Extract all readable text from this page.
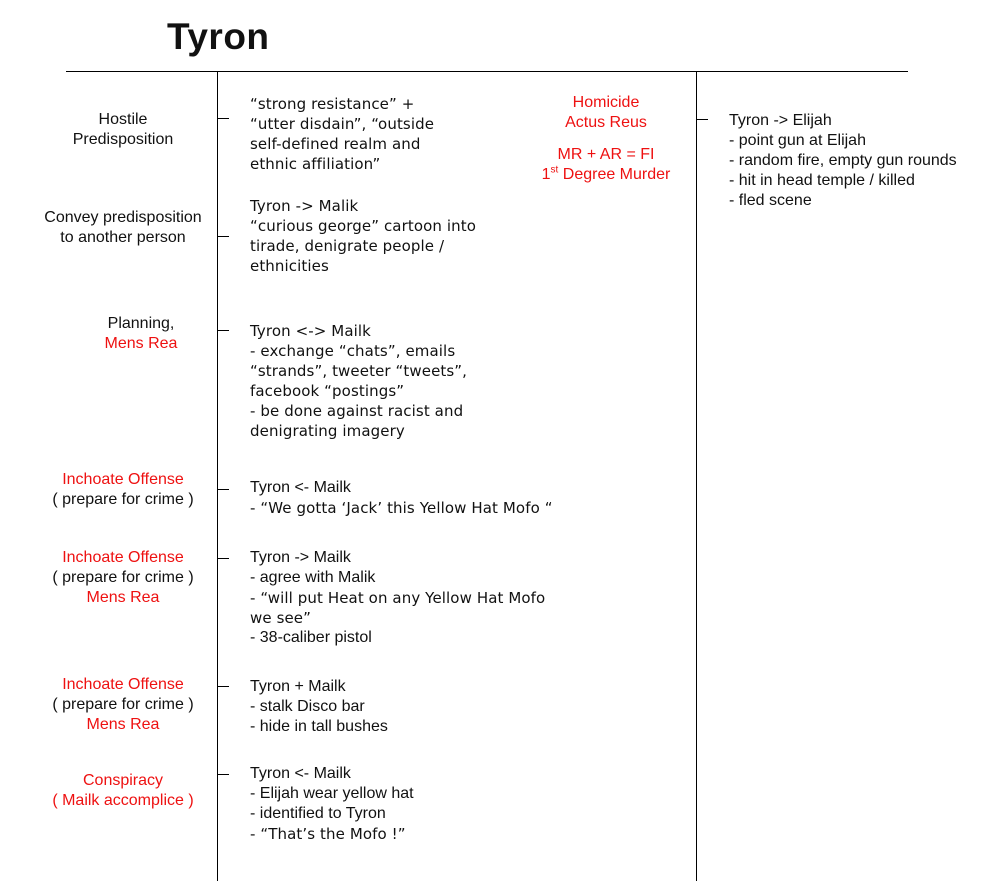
Tyron
Hostile
Predisposition
“strong resistance” +
“utter disdain”, “outside
self-defined realm and
ethnic affiliation”
Convey predisposition
to another person
Tyron -> Malik
“curious george” cartoon into
tirade, denigrate people /
ethnicities
Planning,
Mens Rea
Tyron <-> Mailk
- exchange “chats”, emails
“strands”, tweeter “tweets”,
facebook “postings”
- be done against racist and
denigrating imagery
Inchoate Offense
( prepare for crime )
Tyron <- Mailk
- “We gotta ‘Jack’ this Yellow Hat Mofo “
Inchoate Offense
( prepare for crime )
Mens Rea
Tyron -> Mailk
- agree with Malik
- “will put Heat on any Yellow Hat Mofo
we see”
- 38-caliber pistol
Inchoate Offense
( prepare for crime )
Mens Rea
Tyron + Mailk
- stalk Disco bar
- hide in tall bushes
Conspiracy
( Mailk accomplice )
Tyron <- Mailk
- Elijah wear yellow hat
- identified to Tyron
- “That’s the Mofo !”
Homicide
Actus Reus
MR + AR = FI
1st Degree Murder
Tyron -> Elijah
- point gun at Elijah
- random fire, empty gun rounds
- hit in head temple / killed
- fled scene
